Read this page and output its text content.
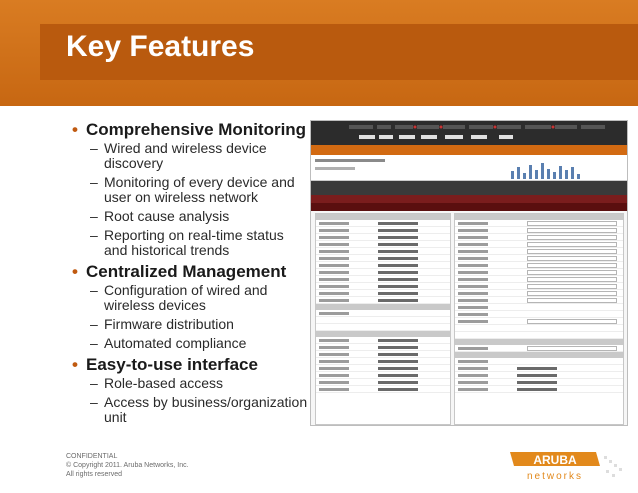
Key Features
• Comprehensive Monitoring
– Wired and wireless device discovery
– Monitoring of every device and user on wireless network
– Root cause analysis
– Reporting on real-time status and historical trends
• Centralized Management
– Configuration of wired and wireless devices
– Firmware distribution
– Automated compliance
• Easy-to-use interface
– Role-based access
– Access by business/organization unit
CONFIDENTIAL
© Copyright 2011. Aruba Networks, Inc.
All rights reserved
ARUBA
networks
